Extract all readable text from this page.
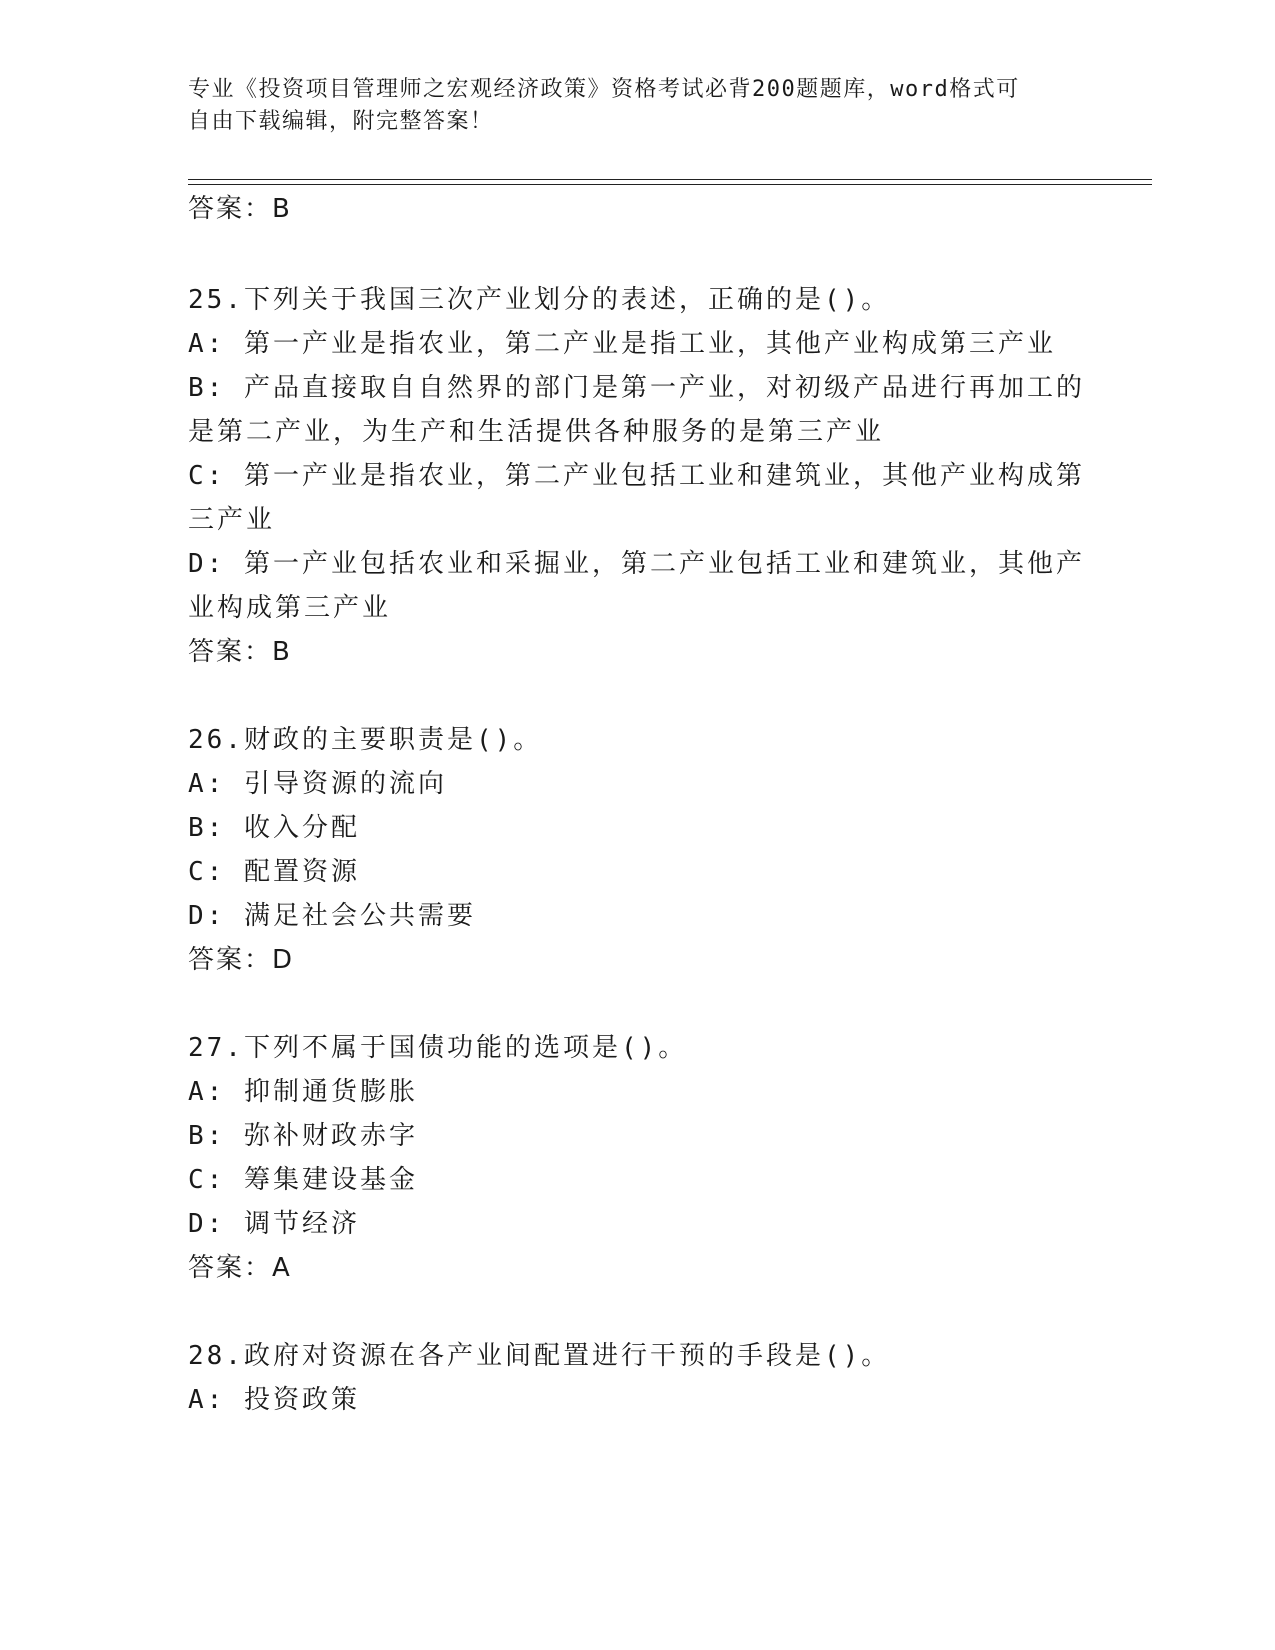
专业《投资项目管理师之宏观经济政策》资格考试必背200题题库，word格式可
自由下载编辑，附完整答案！
答案：B
25.下列关于我国三次产业划分的表述，正确的是()。
A: 第一产业是指农业，第二产业是指工业，其他产业构成第三产业
B: 产品直接取自自然界的部门是第一产业，对初级产品进行再加工的
是第二产业，为生产和生活提供各种服务的是第三产业
C: 第一产业是指农业，第二产业包括工业和建筑业，其他产业构成第
三产业
D: 第一产业包括农业和采掘业，第二产业包括工业和建筑业，其他产
业构成第三产业
答案：B
26.财政的主要职责是()。
A: 引导资源的流向
B: 收入分配
C: 配置资源
D: 满足社会公共需要
答案：D
27.下列不属于国债功能的选项是()。
A: 抑制通货膨胀
B: 弥补财政赤字
C: 筹集建设基金
D: 调节经济
答案：A
28.政府对资源在各产业间配置进行干预的手段是()。
A: 投资政策
